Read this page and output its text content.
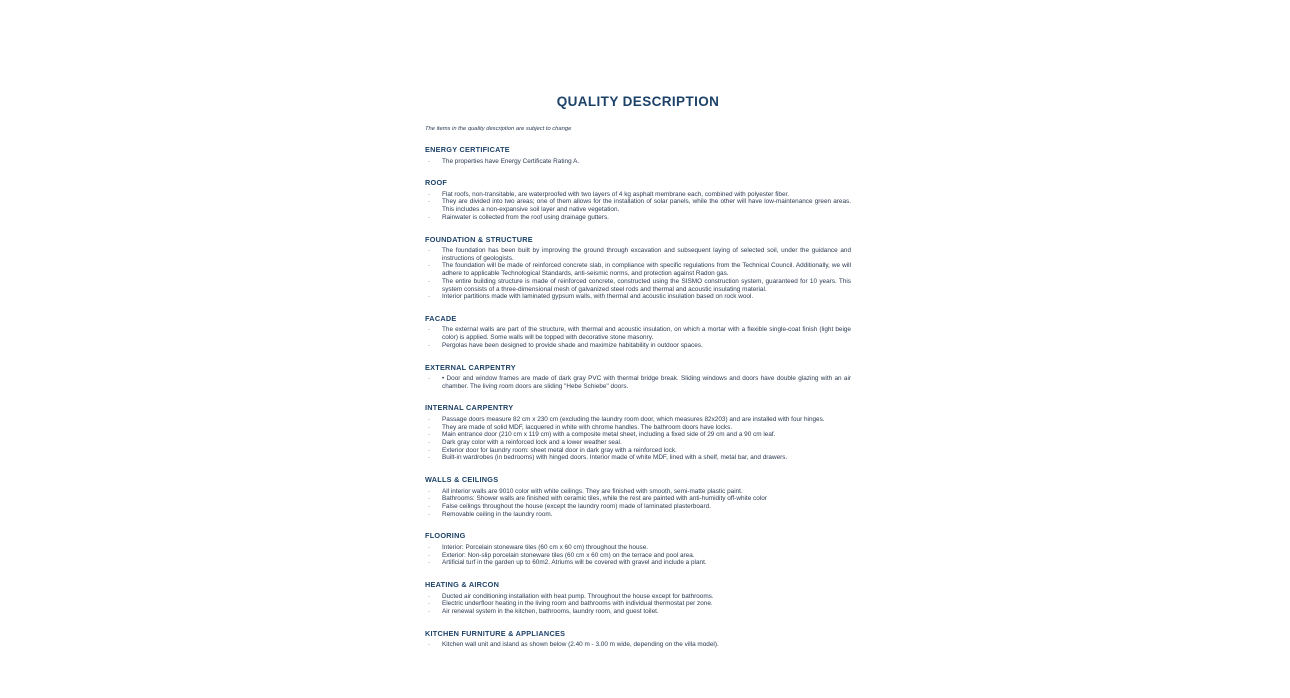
QUALITY DESCRIPTION

The items in the quality description are subject to change

ENERGY CERTIFICATE
- The properties have Energy Certificate Rating A.
ROOF
- Flat roofs, non-transitable, are waterproofed with two layers of 4 kg asphalt membrane each, combined with polyester fiber.
- They are divided into two areas; one of them allows for the installation of solar panels, while the other will have low-maintenance green areas. This includes a non-expansive soil layer and native vegetation.
- Rainwater is collected from the roof using drainage gutters.
FOUNDATION & STRUCTURE
- The foundation has been built by improving the ground through excavation and subsequent laying of selected soil, under the guidance and instructions of geologists.
- The foundation will be made of reinforced concrete slab, in compliance with specific regulations from the Technical Council. Additionally, we will adhere to applicable Technological Standards, anti-seismic norms, and protection against Radon gas.
- The entire building structure is made of reinforced concrete, constructed using the SISMO construction system, guaranteed for 10 years. This system consists of a three-dimensional mesh of galvanized steel rods and thermal and acoustic insulating material.
- Interior partitions made with laminated gypsum walls, with thermal and acoustic insulation based on rock wool.
FACADE
- The external walls are part of the structure, with thermal and acoustic insulation, on which a mortar with a flexible single-coat finish (light beige color) is applied. Some walls will be topped with decorative stone masonry.
- Pergolas have been designed to provide shade and maximize habitability in outdoor spaces.
EXTERNAL CARPENTRY
- • Door and window frames are made of dark gray PVC with thermal bridge break. Sliding windows and doors have double glazing with an air chamber. The living room doors are sliding "Hebe Schiebe" doors.
INTERNAL CARPENTRY
- Passage doors measure 82 cm x 230 cm (excluding the laundry room door, which measures 82x203) and are installed with four hinges.
- They are made of solid MDF, lacquered in white with chrome handles. The bathroom doors have locks.
- Main entrance door (210 cm x 119 cm) with a composite metal sheet, including a fixed side of 29 cm and a 90 cm leaf.
- Dark gray color with a reinforced lock and a lower weather seal.
- Exterior door for laundry room: sheet metal door in dark gray with a reinforced lock.
- Built-in wardrobes (in bedrooms) with hinged doors. Interior made of white MDF, lined with a shelf, metal bar, and drawers.
WALLS & CEILINGS
- All interior walls are 9010 color with white ceilings. They are finished with smooth, semi-matte plastic paint.
- Bathrooms: Shower walls are finished with ceramic tiles, while the rest are painted with anti-humidity off-white color
- False ceilings throughout the house (except the laundry room) made of laminated plasterboard.
- Removable ceiling in the laundry room.
FLOORING
- Interior: Porcelain stoneware tiles (60 cm x 60 cm) throughout the house.
- Exterior: Non-slip porcelain stoneware tiles (60 cm x 60 cm) on the terrace and pool area.
- Artificial turf in the garden up to 60m2. Atriums will be covered with gravel and include a plant.
HEATING & AIRCON
- Ducted air conditioning installation with heat pump. Throughout the house except for bathrooms.
- Electric underfloor heating in the living room and bathrooms with individual thermostat per zone.
- Air renewal system in the kitchen, bathrooms, laundry room, and guest toilet.
KITCHEN FURNITURE & APPLIANCES
- Kitchen wall unit and island as shown below (2.40 m - 3.00 m wide, depending on the villa model).
